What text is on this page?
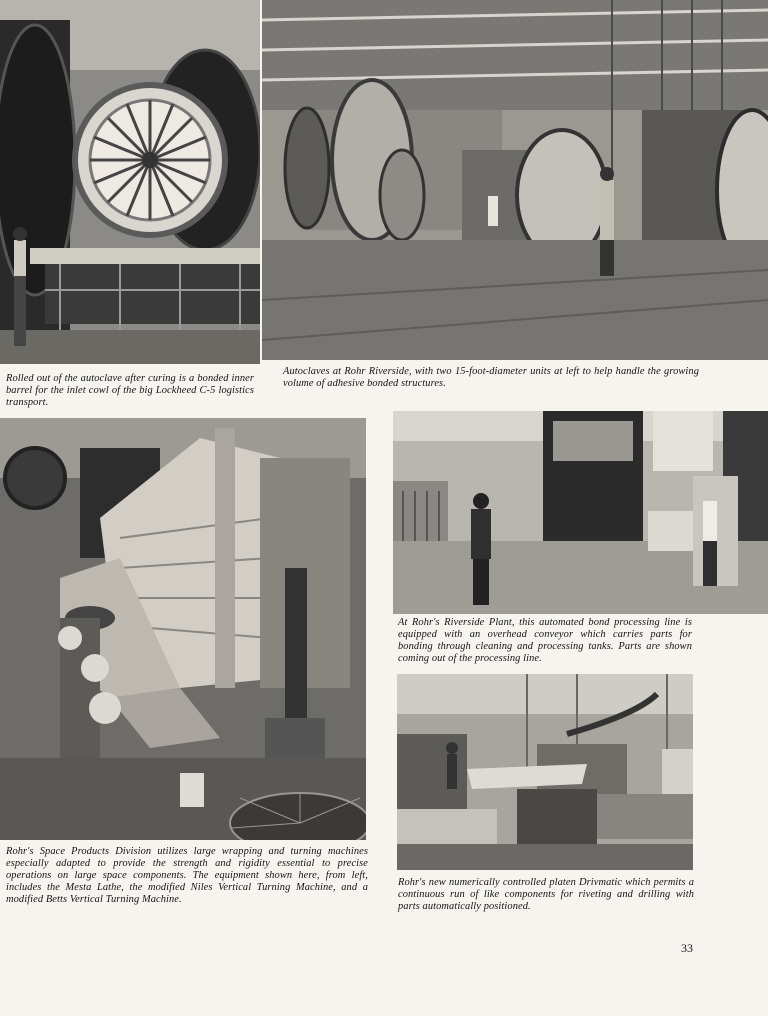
Rolled out of the autoclave after curing is a bonded inner barrel for the inlet cowl of the big Lockheed C-5 logistics transport.
Autoclaves at Rohr Riverside, with two 15-foot-diameter units at left to help handle the growing volume of adhesive bonded structures.
At Rohr's Riverside Plant, this automated bond processing line is equipped with an overhead conveyor which carries parts for bonding through cleaning and processing tanks. Parts are shown coming out of the processing line.
Rohr's Space Products Division utilizes large wrapping and turning machines especially adapted to provide the strength and rigidity essential to precise operations on large space components. The equipment shown here, from left, includes the Mesta Lathe, the modified Niles Vertical Turning Machine, and a modified Betts Vertical Turning Machine.
Rohr's new numerically controlled platen Drivmatic which permits a continuous run of like components for riveting and drilling with parts automatically positioned.
33
